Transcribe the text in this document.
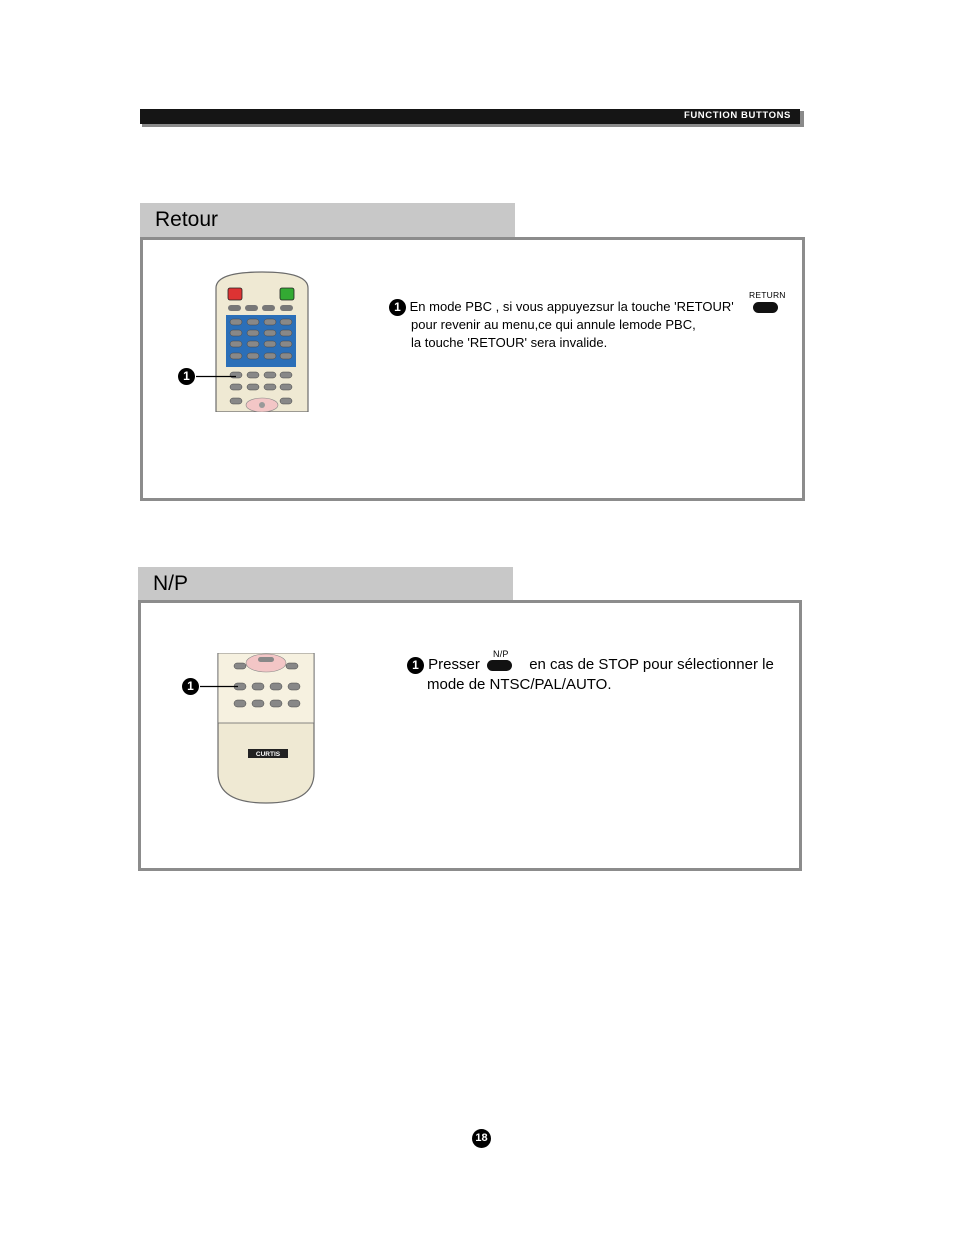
FUNCTION BUTTONS
Retour
1
RETURN
1 En mode PBC , si vous appuyezsur la touche 'RETOUR'
pour revenir au menu,ce qui annule lemode PBC,
la touche 'RETOUR' sera invalide.
N/P
CURTIS
1
N/P
1 Presser	en cas de STOP pour sélectionner le
mode de NTSC/PAL/AUTO.
18
